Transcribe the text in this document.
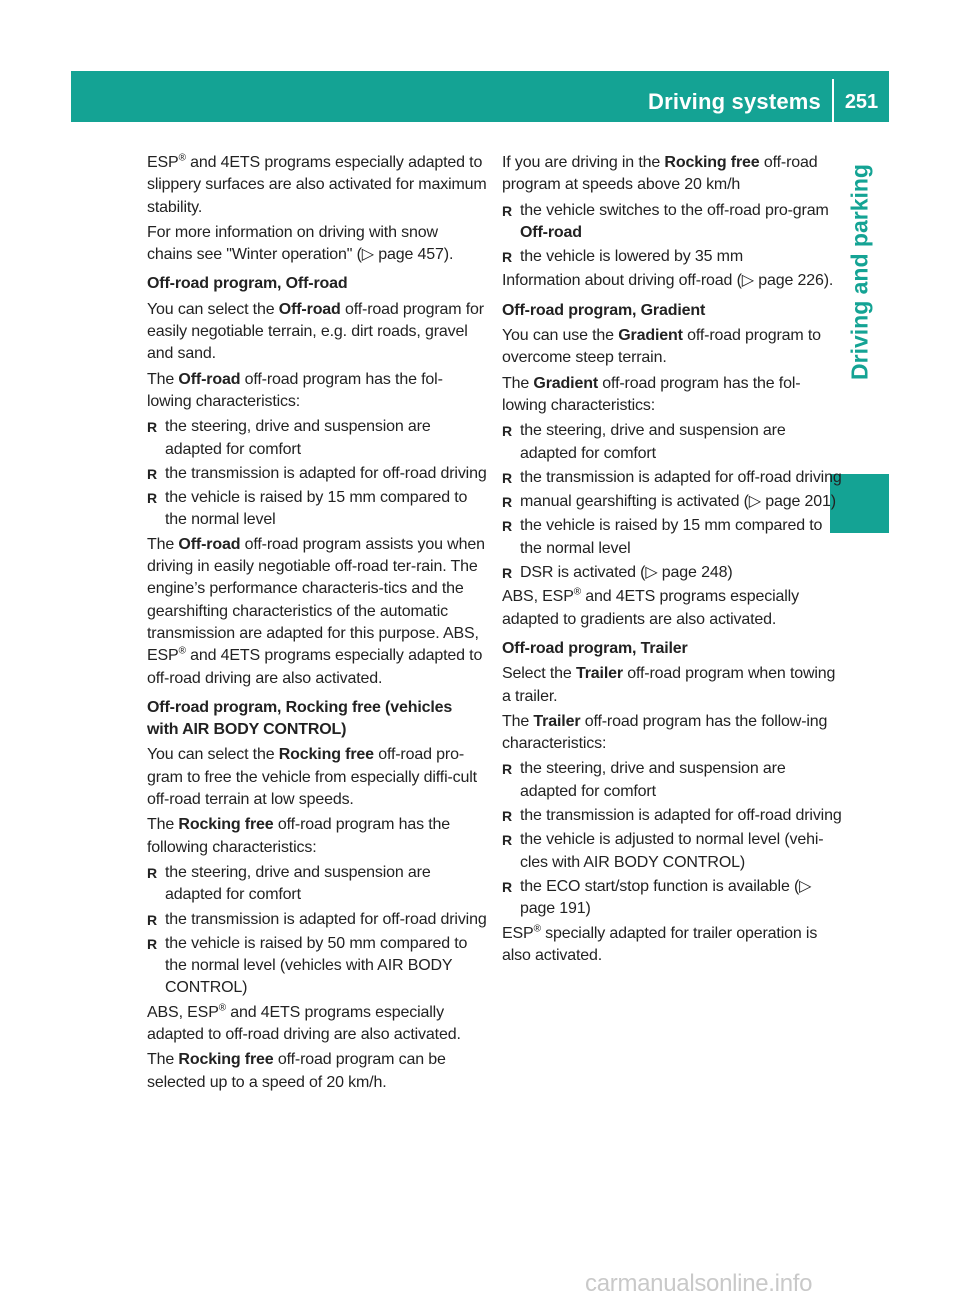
Driving systems	251
Driving and parking

ESP® and 4ETS programs especially adapted to slippery surfaces are also activated for maximum stability.

For more information on driving with snow chains see "Winter operation" (▷ page 457).

Off-road program, Off-road

You can select the Off-road off-road program for easily negotiable terrain, e.g. dirt roads, gravel and sand.

The Off-road off-road program has the fol-lowing characteristics:

R the steering, drive and suspension are adapted for comfort
R the transmission is adapted for off-road driving
R the vehicle is raised by 15 mm compared to the normal level

The Off-road off-road program assists you when driving in easily negotiable off-road ter-rain. The engine’s performance characteris-tics and the gearshifting characteristics of the automatic transmission are adapted for this purpose. ABS, ESP® and 4ETS programs especially adapted to off-road driving are also activated.

Off-road program, Rocking free (vehicles with AIR BODY CONTROL)

You can select the Rocking free off-road pro-gram to free the vehicle from especially diffi-cult off-road terrain at low speeds.

The Rocking free off-road program has the following characteristics:

R the steering, drive and suspension are adapted for comfort
R the transmission is adapted for off-road driving
R the vehicle is raised by 50 mm compared to the normal level (vehicles with AIR BODY CONTROL)

ABS, ESP® and 4ETS programs especially adapted to off-road driving are also activated.

The Rocking free off-road program can be selected up to a speed of 20 km/h.

If you are driving in the Rocking free off-road program at speeds above 20 km/h

R the vehicle switches to the off-road pro-gram Off-road
R the vehicle is lowered by 35 mm

Information about driving off-road (▷ page 226).

Off-road program, Gradient

You can use the Gradient off-road program to overcome steep terrain.

The Gradient off-road program has the fol-lowing characteristics:

R the steering, drive and suspension are adapted for comfort
R the transmission is adapted for off-road driving
R manual gearshifting is activated (▷ page 201)
R the vehicle is raised by 15 mm compared to the normal level
R DSR is activated (▷ page 248)

ABS, ESP® and 4ETS programs especially adapted to gradients are also activated.

Off-road program, Trailer

Select the Trailer off-road program when towing a trailer.

The Trailer off-road program has the follow-ing characteristics:

R the steering, drive and suspension are adapted for comfort
R the transmission is adapted for off-road driving
R the vehicle is adjusted to normal level (vehi-cles with AIR BODY CONTROL)
R the ECO start/stop function is available (▷ page 191)

ESP® specially adapted for trailer operation is also activated.

carmanualsonline.info
